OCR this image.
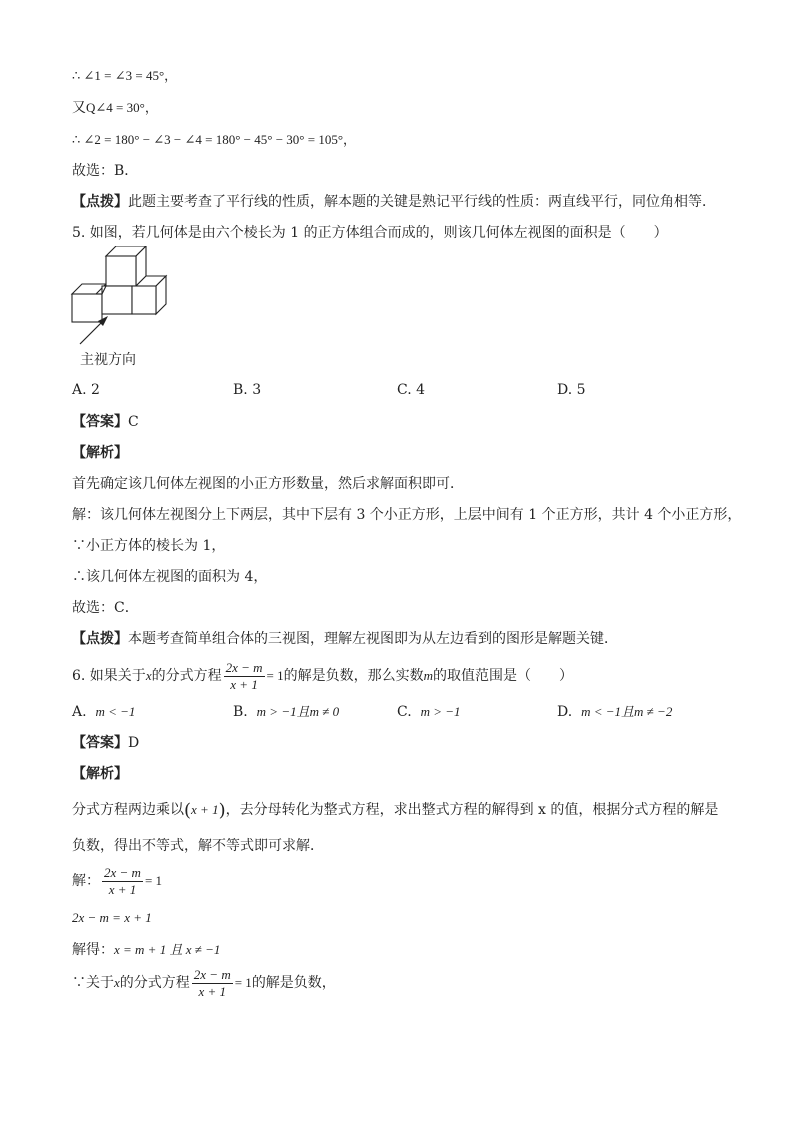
∴ ∠1 = ∠3 = 45°，
又Q∠4 = 30°，
∴ ∠2 = 180° − ∠3 − ∠4 = 180° − 45° − 30° = 105°，
故选：B．
【点拨】此题主要考查了平行线的性质，解本题的关键是熟记平行线的性质：两直线平行，同位角相等．
5. 如图，若几何体是由六个棱长为 1 的正方体组合而成的，则该几何体左视图的面积是（　　）
主视方向
A. 2	B. 3	C. 4	D. 5
【答案】C
【解析】
首先确定该几何体左视图的小正方形数量，然后求解面积即可．
解：该几何体左视图分上下两层，其中下层有 3 个小正方形，上层中间有 1 个正方形，共计 4 个小正方形，
∵小正方体的棱长为 1，
∴该几何体左视图的面积为 4，
故选：C．
【点拨】本题考查简单组合体的三视图，理解左视图即为从左边看到的图形是解题关键．
6. 如果关于x的分式方程 $\frac{2x - m}{x + 1} = 1$的解是负数，那么实数m的取值范围是（　　）
A. m < −1	B. m > −1且m ≠ 0	C. m > −1	D. m < −1且m ≠ −2
【答案】D
【解析】
分式方程两边乘以(x + 1)，去分母转化为整式方程，求出整式方程的解得到 x 的值，根据分式方程的解是
负数，得出不等式，解不等式即可求解．
解： $\frac{2x - m}{x + 1} = 1$
2x − m = x + 1
解得：x = m + 1 且 x ≠ −1
∵关于x的分式方程 $\frac{2x - m}{x + 1} = 1$的解是负数，
